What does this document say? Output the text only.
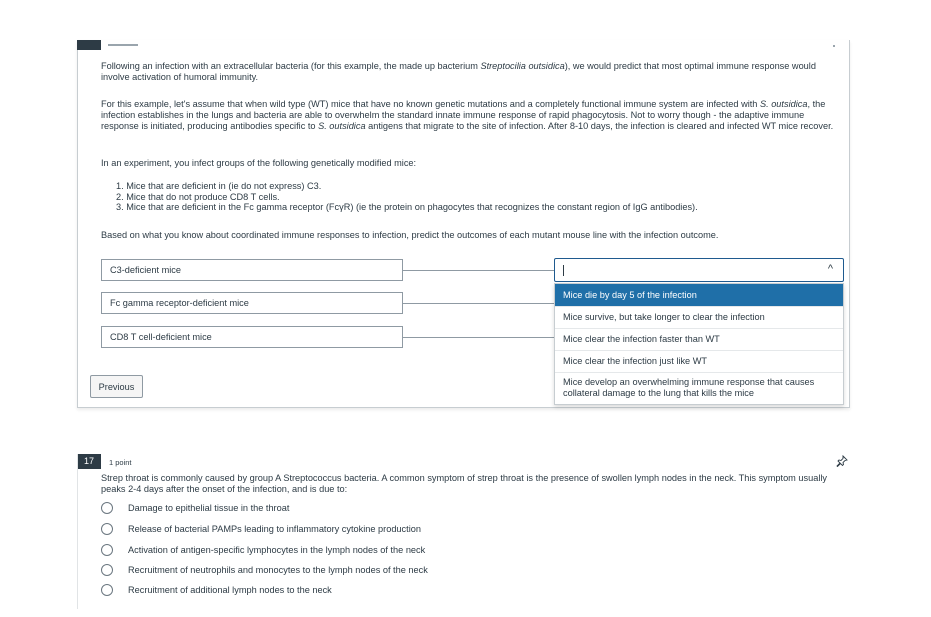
Following an infection with an extracellular bacteria (for this example, the made up bacterium Streptocilia outsidica), we would predict that most optimal immune response would involve activation of humoral immunity.

For this example, let's assume that when wild type (WT) mice that have no known genetic mutations and a completely functional immune system are infected with S. outsidica, the infection establishes in the lungs and bacteria are able to overwhelm the standard innate immune response of rapid phagocytosis. Not to worry though - the adaptive immune response is initiated, producing antibodies specific to S. outsidica antigens that migrate to the site of infection. After 8-10 days, the infection is cleared and infected WT mice recover.

In an experiment, you infect groups of the following genetically modified mice:

1. Mice that are deficient in (ie do not express) C3.
2. Mice that do not produce CD8 T cells.
3. Mice that are deficient in the Fc gamma receptor (FcγR) (ie the protein on phagocytes that recognizes the constant region of IgG antibodies).

Based on what you know about coordinated immune responses to infection, predict the outcomes of each mutant mouse line with the infection outcome.

C3-deficient mice
Fc gamma receptor-deficient mice
CD8 T cell-deficient mice
^
Mice die by day 5 of the infection
Mice survive, but take longer to clear the infection
Mice clear the infection faster than WT
Mice clear the infection just like WT
Mice develop an overwhelming immune response that causes
collateral damage to the lung that kills the mice
Previous
17	1 point

Strep throat is commonly caused by group A Streptococcus bacteria. A common symptom of strep throat is the presence of swollen lymph nodes in the neck. This symptom usually peaks 2-4 days after the onset of the infection, and is due to:

Damage to epithelial tissue in the throat
Release of bacterial PAMPs leading to inflammatory cytokine production
Activation of antigen-specific lymphocytes in the lymph nodes of the neck
Recruitment of neutrophils and monocytes to the lymph nodes of the neck
Recruitment of additional lymph nodes to the neck
